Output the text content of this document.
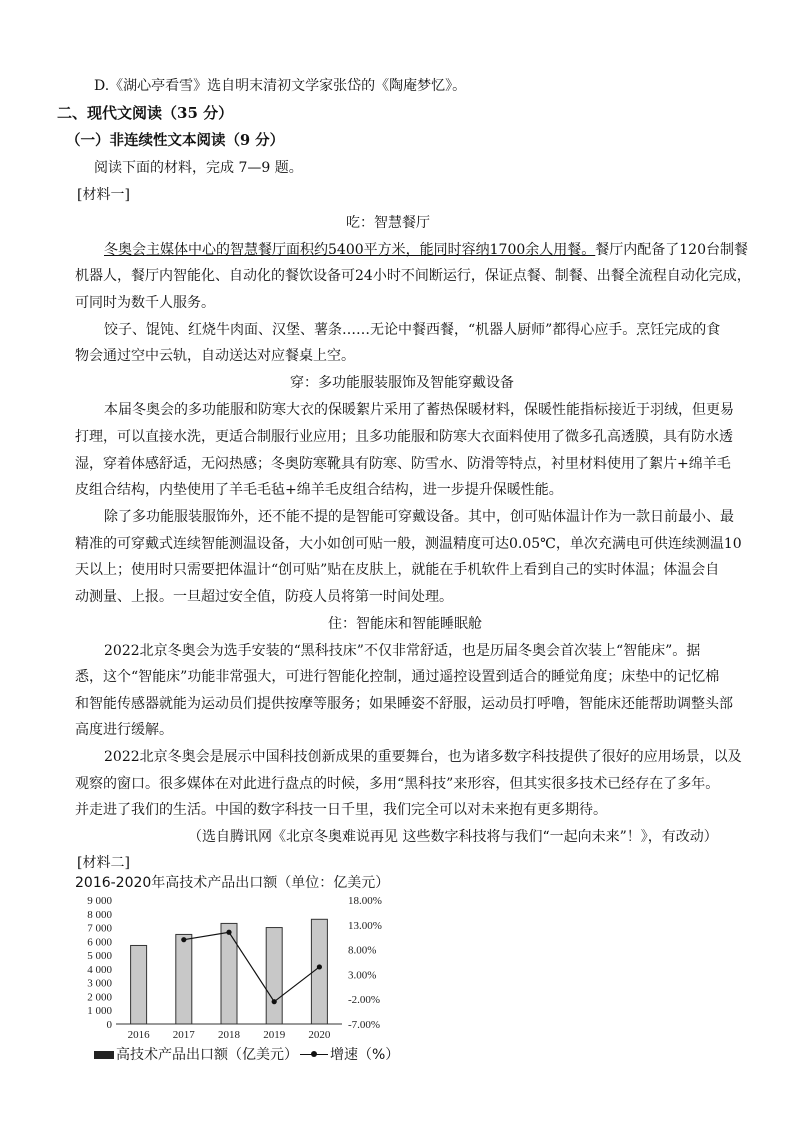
D.《湖心亭看雪》选自明末清初文学家张岱的《陶庵梦忆》。
二、现代文阅读（35 分）
（一）非连续性文本阅读（9 分）
阅读下面的材料，完成 7—9 题。
[材料一]
吃：智慧餐厅
冬奥会主媒体中心的智慧餐厅面积约5400平方米，能同时容纳1700余人用餐。餐厅内配备了120台制餐
机器人，餐厅内智能化、自动化的餐饮设备可24小时不间断运行，保证点餐、制餐、出餐全流程自动化完成，
可同时为数千人服务。
饺子、馄饨、红烧牛肉面、汉堡、薯条……无论中餐西餐，“机器人厨师”都得心应手。烹饪完成的食
物会通过空中云轨，自动送达对应餐桌上空。
穿：多功能服装服饰及智能穿戴设备
本届冬奥会的多功能服和防寒大衣的保暖絮片采用了蓄热保暖材料，保暖性能指标接近于羽绒，但更易
打理，可以直接水洗，更适合制服行业应用；且多功能服和防寒大衣面料使用了微多孔高透膜，具有防水透
湿，穿着体感舒适，无闷热感；冬奥防寒靴具有防寒、防雪水、防滑等特点，衬里材料使用了絮片+绵羊毛
皮组合结构，内垫使用了羊毛毛毡+绵羊毛皮组合结构，进一步提升保暖性能。
除了多功能服装服饰外，还不能不提的是智能可穿戴设备。其中，创可贴体温计作为一款日前最小、最
精准的可穿戴式连续智能测温设备，大小如创可贴一般，测温精度可达0.05℃，单次充满电可供连续测温10
天以上；使用时只需要把体温计“创可贴”贴在皮肤上，就能在手机软件上看到自己的实时体温；体温会自
动测量、上报。一旦超过安全值，防疫人员将第一时间处理。
住：智能床和智能睡眠舱
2022北京冬奥会为选手安装的“黑科技床”不仅非常舒适，也是历届冬奥会首次装上“智能床”。据
悉，这个“智能床”功能非常强大，可进行智能化控制，通过遥控设置到适合的睡觉角度；床垫中的记忆棉
和智能传感器就能为运动员们提供按摩等服务；如果睡姿不舒服，运动员打呼噜，智能床还能帮助调整头部
高度进行缓解。
2022北京冬奥会是展示中国科技创新成果的重要舞台，也为诸多数字科技提供了很好的应用场景，以及
观察的窗口。很多媒体在对此进行盘点的时候，多用“黑科技”来形容，但其实很多技术已经存在了多年。
并走进了我们的生活。中国的数字科技一日千里，我们完全可以对未来抱有更多期待。
（选自腾讯网《北京冬奥难说再见 这些数字科技将与我们“一起向未来”！》，有改动）
[材料二]
2016-2020年高技术产品出口额（单位：亿美元）
9 000
8 000
7 000
6 000
5 000
4 000
3 000
2 000
1 000
0
18.00%
13.00%
8.00%
3.00%
-2.00%
-7.00%
2016 2017 2018 2019 2020
高技术产品出口额（亿美元） 增速（%）
